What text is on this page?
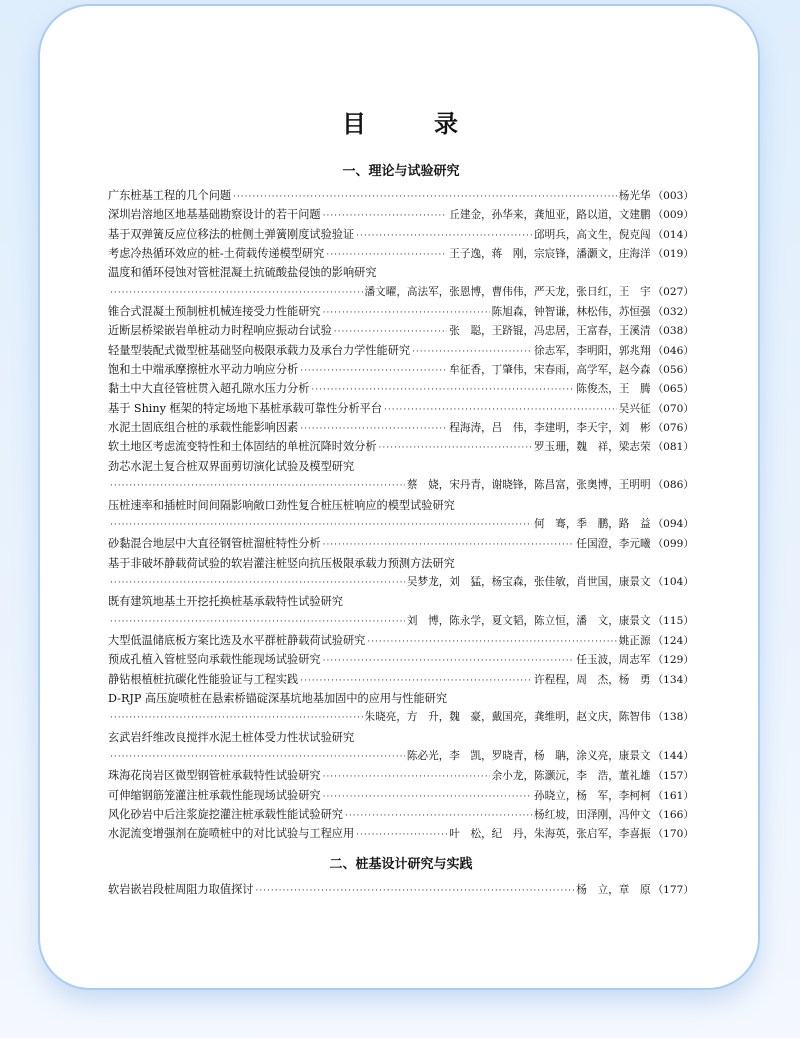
目　录
一、理论与试验研究
广东桩基工程的几个问题 ·····	杨光华 （003）
深圳岩溶地区地基基础勘察设计的若干问题 ·····	丘建金，孙华来，龚旭亚，路以道，文建鹏 （009）
基于双弹簧反应位移法的桩侧土弹簧刚度试验验证 ·····	邱明兵，高文生，倪克闯 （014）
考虑冷热循环效应的桩-土荷载传递模型研究 ·····	王子逸，蒋　刚，宗宸锋，潘灏文，庄海洋 （019）
温度和循环侵蚀对管桩混凝土抗硫酸盐侵蚀的影响研究
·····
潘文曜，高法军，张恩博，曹伟伟，严天龙，张日红，王　宇 （027）
锥合式混凝土预制桩机械连接受力性能研究 ·····	陈旭森，钟智谦，林松伟，苏恒强 （032）
近断层桥梁嵌岩单桩动力时程响应振动台试验 ·····	张　聪，王跻锟，冯忠居，王富春，王溪清 （038）
轻量型装配式微型桩基础竖向极限承载力及承台力学性能研究 ·····	徐志军，李明阳，郭兆翔 （046）
饱和土中端承摩擦桩水平动力响应分析 ·····	牟征香，丁肇伟，宋春雨，高学军，赵今森 （056）
黏土中大直径管桩贯入超孔隙水压力分析 ·····	陈俊杰，王　腾 （065）
基于 Shiny 框架的特定场地下基桩承载可靠性分析平台 ·····	吴兴征 （070）
水泥土固底组合桩的承载性能影响因素 ·····	程海涛，吕　伟，李建明，李天宇，刘　彬 （076）
软土地区考虑流变特性和土体固结的单桩沉降时效分析 ·····	罗玉珊，魏　祥，梁志荣 （081）
劲芯水泥土复合桩双界面剪切演化试验及模型研究
·····
蔡　娆，宋丹青，谢晓锋，陈昌富，张奥博，王明明 （086）
压桩速率和插桩时间间隔影响敞口劲性复合桩压桩响应的模型试验研究
·····
何　骞，季　鹏，路　益 （094）
砂黏混合地层中大直径钢管桩溜桩特性分析 ·····	任国澄，李元曦 （099）
基于非破坏静载荷试验的软岩灌注桩竖向抗压极限承载力预测方法研究
·····
吴梦龙，刘　猛，杨宝森，张佳敏，肖世国，康景文 （104）
既有建筑地基土开挖托换桩基承载特性试验研究
·····
刘　博，陈永学，夏文韬，陈立恒，潘　文，康景文 （115）
大型低温储底板方案比选及水平群桩静载荷试验研究 ·····	姚正源 （124）
预成孔植入管桩竖向承载性能现场试验研究 ·····	任玉波，周志军 （129）
静钻根植桩抗碳化性能验证与工程实践 ·····	许程程，周　杰，杨　勇 （134）
D-RJP 高压旋喷桩在悬索桥锚碇深基坑地基加固中的应用与性能研究
·····
朱晓亮，方　升，魏　豪，戴国亮，龚维明，赵文庆，陈智伟 （138）
玄武岩纤维改良搅拌水泥土桩体受力性状试验研究
·····
陈必光，李　凯，罗晓青，杨　聃，涂义亮，康景文 （144）
珠海花岗岩区微型钢管桩承载特性试验研究 ·····	余小龙，陈灏沅，李　浩，董礼雄 （157）
可伸缩钢筋笼灌注桩承载性能现场试验研究 ·····	孙晓立，杨　军，李柯柯 （161）
风化砂岩中后注浆旋挖灌注桩承载性能试验研究 ·····	杨红坡，田泽刚，冯仲文 （166）
水泥流变增强剂在旋喷桩中的对比试验与工程应用 ·····	叶　松，纪　丹，朱海英，张启军，李喜振 （170）
二、桩基设计研究与实践
软岩嵌岩段桩周阻力取值探讨 ·····	杨　立，章　原 （177）
